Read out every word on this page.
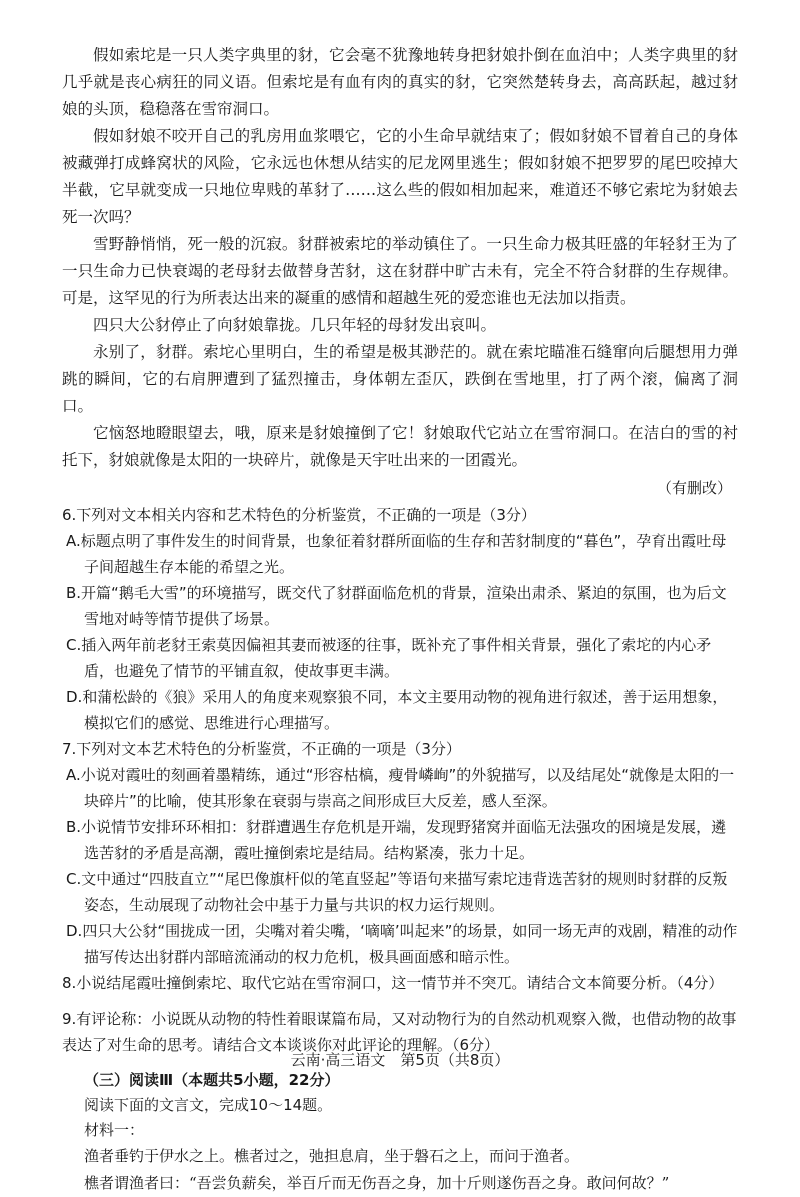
假如索坨是一只人类字典里的豺，它会毫不犹豫地转身把豺娘扑倒在血泊中；人类字典里的豺几乎就是丧心病狂的同义语。但索坨是有血有肉的真实的豺，它突然楚转身去，高高跃起，越过豺娘的头顶，稳稳落在雪帘洞口。

假如豺娘不咬开自己的乳房用血浆喂它，它的小生命早就结束了；假如豺娘不冒着自己的身体被藏弹打成蜂窝状的风险，它永远也休想从结实的尼龙网里逃生；假如豺娘不把罗罗的尾巴咬掉大半截，它早就变成一只地位卑贱的革豺了……这么些的假如相加起来，难道还不够它索坨为豺娘去死一次吗？

雪野静悄悄，死一般的沉寂。豺群被索坨的举动镇住了。一只生命力极其旺盛的年轻豺王为了一只生命力已快衰竭的老母豺去做替身苦豺，这在豺群中旷古未有，完全不符合豺群的生存规律。可是，这罕见的行为所表达出来的凝重的感情和超越生死的爱恋谁也无法加以指责。

四只大公豺停止了向豺娘靠拢。几只年轻的母豺发出哀叫。

永别了，豺群。索坨心里明白，生的希望是极其渺茫的。就在索坨瞄准石缝窜向后腿想用力弹跳的瞬间，它的右肩胛遭到了猛烈撞击，身体朝左歪仄，跌倒在雪地里，打了两个滚，偏离了洞口。

它恼怒地瞪眼望去，哦，原来是豺娘撞倒了它！豺娘取代它站立在雪帘洞口。在洁白的雪的衬托下，豺娘就像是太阳的一块碎片，就像是天宇吐出来的一团霞光。

（有删改）

6.下列对文本相关内容和艺术特色的分析鉴赏，不正确的一项是（3分）

A.标题点明了事件发生的时间背景，也象征着豺群所面临的生存和苦豺制度的“暮色”，孕育出霞吐母子间超越生存本能的希望之光。

B.开篇“鹅毛大雪”的环境描写，既交代了豺群面临危机的背景，渲染出肃杀、紧迫的氛围，也为后文雪地对峙等情节提供了场景。

C.插入两年前老豺王索莫因偏袒其妻而被逐的往事，既补充了事件相关背景，强化了索坨的内心矛盾，也避免了情节的平铺直叙，使故事更丰满。

D.和蒲松龄的《狼》采用人的角度来观察狼不同，本文主要用动物的视角进行叙述，善于运用想象，模拟它们的感觉、思维进行心理描写。

7.下列对文本艺术特色的分析鉴赏，不正确的一项是（3分）

A.小说对霞吐的刻画着墨精练，通过“形容枯槁，瘦骨嶙峋”的外貌描写，以及结尾处“就像是太阳的一块碎片”的比喻，使其形象在衰弱与崇高之间形成巨大反差，感人至深。

B.小说情节安排环环相扣：豺群遭遇生存危机是开端，发现野猪窝并面临无法强攻的困境是发展，遴选苦豺的矛盾是高潮，霞吐撞倒索坨是结局。结构紧凑，张力十足。

C.文中通过“四肢直立”“尾巴像旗杆似的笔直竖起”等语句来描写索坨违背选苦豺的规则时豺群的反叛姿态，生动展现了动物社会中基于力量与共识的权力运行规则。

D.四只大公豺“围拢成一团，尖嘴对着尖嘴，‘嘀嘀’叫起来”的场景，如同一场无声的戏剧，精准的动作描写传达出豺群内部暗流涌动的权力危机，极具画面感和暗示性。

8.小说结尾霞吐撞倒索坨、取代它站在雪帘洞口，这一情节并不突兀。请结合文本简要分析。（4分）

9.有评论称：小说既从动物的特性着眼谋篇布局，又对动物行为的自然动机观察入微，也借动物的故事表达了对生命的思考。请结合文本谈谈你对此评论的理解。（6分）

（三）阅读Ⅲ（本题共5小题，22分）

阅读下面的文言文，完成10～14题。

材料一：

渔者垂钓于伊水之上。樵者过之，弛担息肩，坐于磐石之上，而问于渔者。

樵者谓渔者曰：“吾尝负薪矣，举百斤而无伤吾之身，加十斤则遂伤吾之身。敢问何故？”

云南·高三语文　第5页（共8页）
